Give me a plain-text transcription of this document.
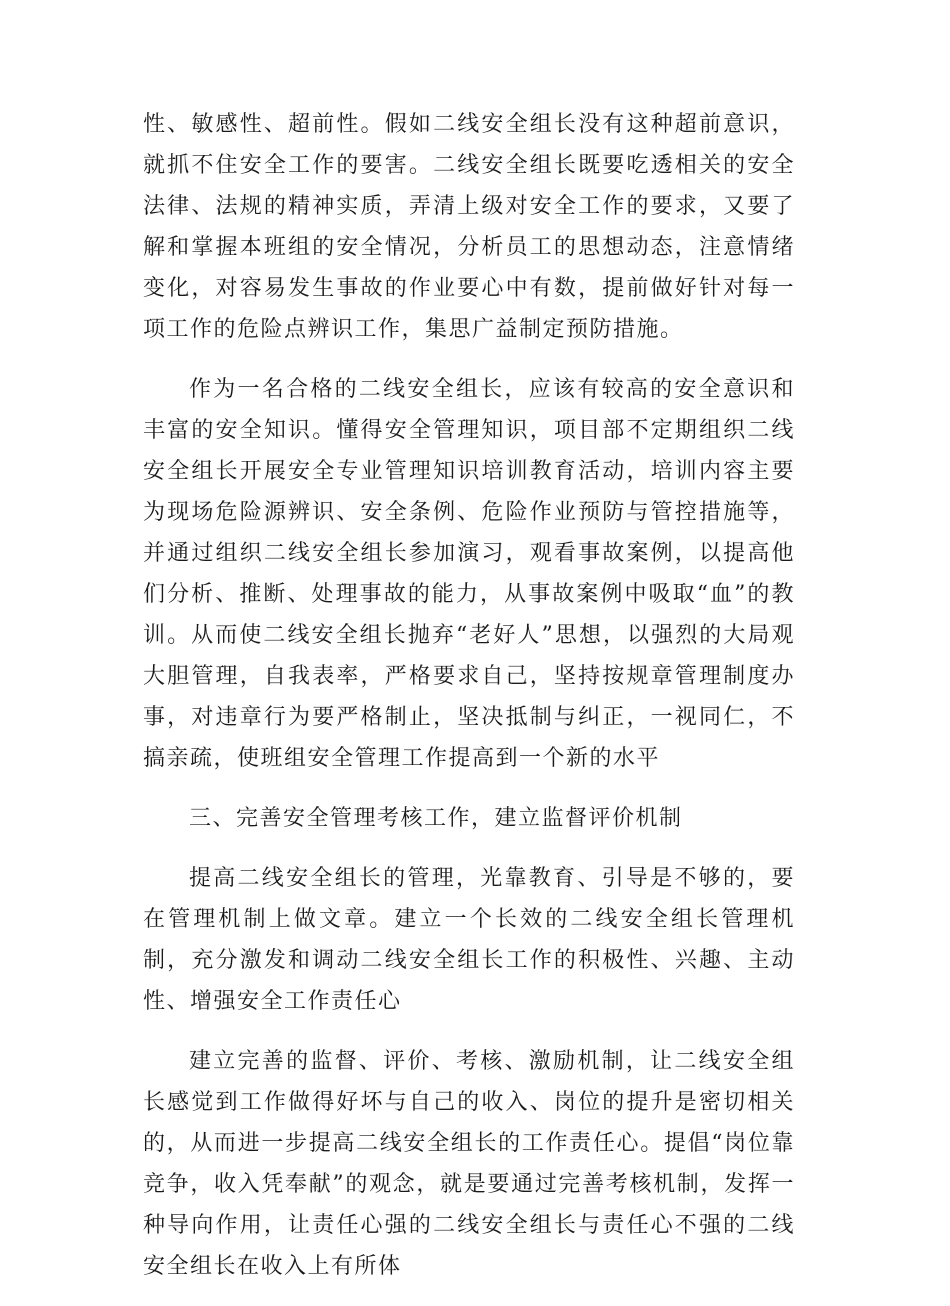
性、敏感性、超前性。假如二线安全组长没有这种超前意识，就抓不住安全工作的要害。二线安全组长既要吃透相关的安全法律、法规的精神实质，弄清上级对安全工作的要求，又要了解和掌握本班组的安全情况，分析员工的思想动态，注意情绪变化，对容易发生事故的作业要心中有数，提前做好针对每一项工作的危险点辨识工作，集思广益制定预防措施。

作为一名合格的二线安全组长，应该有较高的安全意识和丰富的安全知识。懂得安全管理知识，项目部不定期组织二线安全组长开展安全专业管理知识培训教育活动，培训内容主要为现场危险源辨识、安全条例、危险作业预防与管控措施等，并通过组织二线安全组长参加演习，观看事故案例，以提高他们分析、推断、处理事故的能力，从事故案例中吸取“血”的教训。从而使二线安全组长抛弃“老好人”思想，以强烈的大局观大胆管理，自我表率，严格要求自己，坚持按规章管理制度办事，对违章行为要严格制止，坚决抵制与纠正，一视同仁，不搞亲疏，使班组安全管理工作提高到一个新的水平

三、完善安全管理考核工作，建立监督评价机制

提高二线安全组长的管理，光靠教育、引导是不够的，要在管理机制上做文章。建立一个长效的二线安全组长管理机制，充分激发和调动二线安全组长工作的积极性、兴趣、主动性、增强安全工作责任心

建立完善的监督、评价、考核、激励机制，让二线安全组长感觉到工作做得好坏与自己的收入、岗位的提升是密切相关的，从而进一步提高二线安全组长的工作责任心。提倡“岗位靠竞争，收入凭奉献”的观念，就是要通过完善考核机制，发挥一种导向作用，让责任心强的二线安全组长与责任心不强的二线安全组长在收入上有所体
